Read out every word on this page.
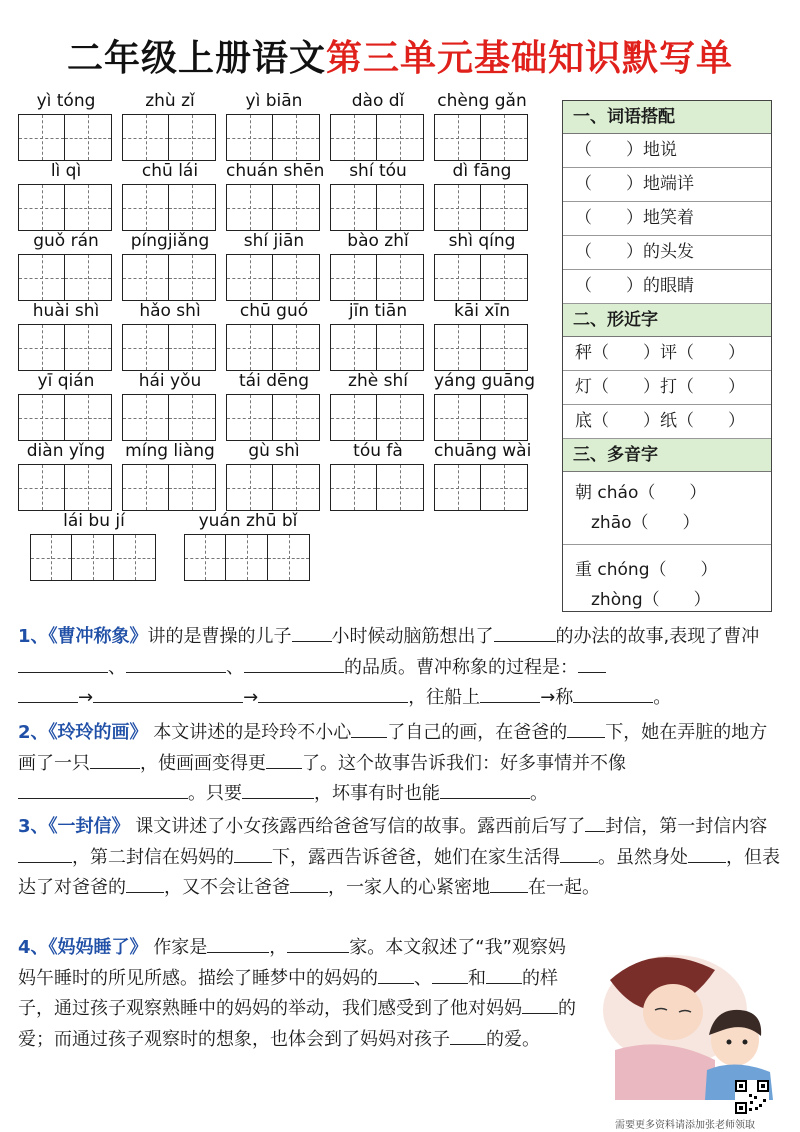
二年级上册语文第三单元基础知识默写单
yì tóng	zhù zǐ	yì biān	dào dǐ	chèng gǎn
lì qì	chū lái	chuán shēn	shí tóu	dì fāng
guǒ rán	píngjiǎng	shí jiān	bào zhǐ	shì qíng
huài shì	hǎo shì	chū guó	jīn tiān	kāi xīn
yī qián	hái yǒu	tái dēng	zhè shí	yáng guāng
diàn yǐng	míng liàng	gù shì	tóu fà	chuāng wài
lái bu jí	yuán zhū bǐ
一、词语搭配
（　　）地说
（　　）地端详
（　　）地笑着
（　　）的头发
（　　）的眼睛
二、形近字
秤（　　）评（　　）
灯（　　）打（　　）
底（　　）纸（　　）
三、多音字
朝 cháo（　　）
zhāo（　　）
重 chóng（　　）
zhòng（　　）
1、《曹冲称象》讲的是曹操的儿子 小时候动脑筋想出了	的办法的故事,表现了曹冲、	、	的品质。曹冲称象的过程是：
→	→	，往船上	→称	。
2、《玲玲的画》 本文讲述的是玲玲不小心 了自己的画，在爸爸的 下，她在弄脏的地方画了一只	，使画画变得更 了。这个故事告诉我们：好多事情并不像。只要	，坏事有时也能	。
3、《一封信》 课文讲述了小女孩露西给爸爸写信的故事。露西前后写了 封信，第一封信内容，第二封信在妈妈的 下，露西告诉爸爸，她们在家生活得 。虽然身处 ，但表达了对爸爸的 ，又不会让爸爸 ，一家人的心紧密地 在一起。
4、《妈妈睡了》 作家是	，	家。本文叙述了“我”观察妈妈午睡时的所见所感。描绘了睡梦中的妈妈的 、 和 的样子，通过孩子观察熟睡中的妈妈的举动，我们感受到了他对妈妈 的爱；而通过孩子观察时的想象，也体会到了妈妈对孩子 的爱。
需要更多资料请添加张老师领取
